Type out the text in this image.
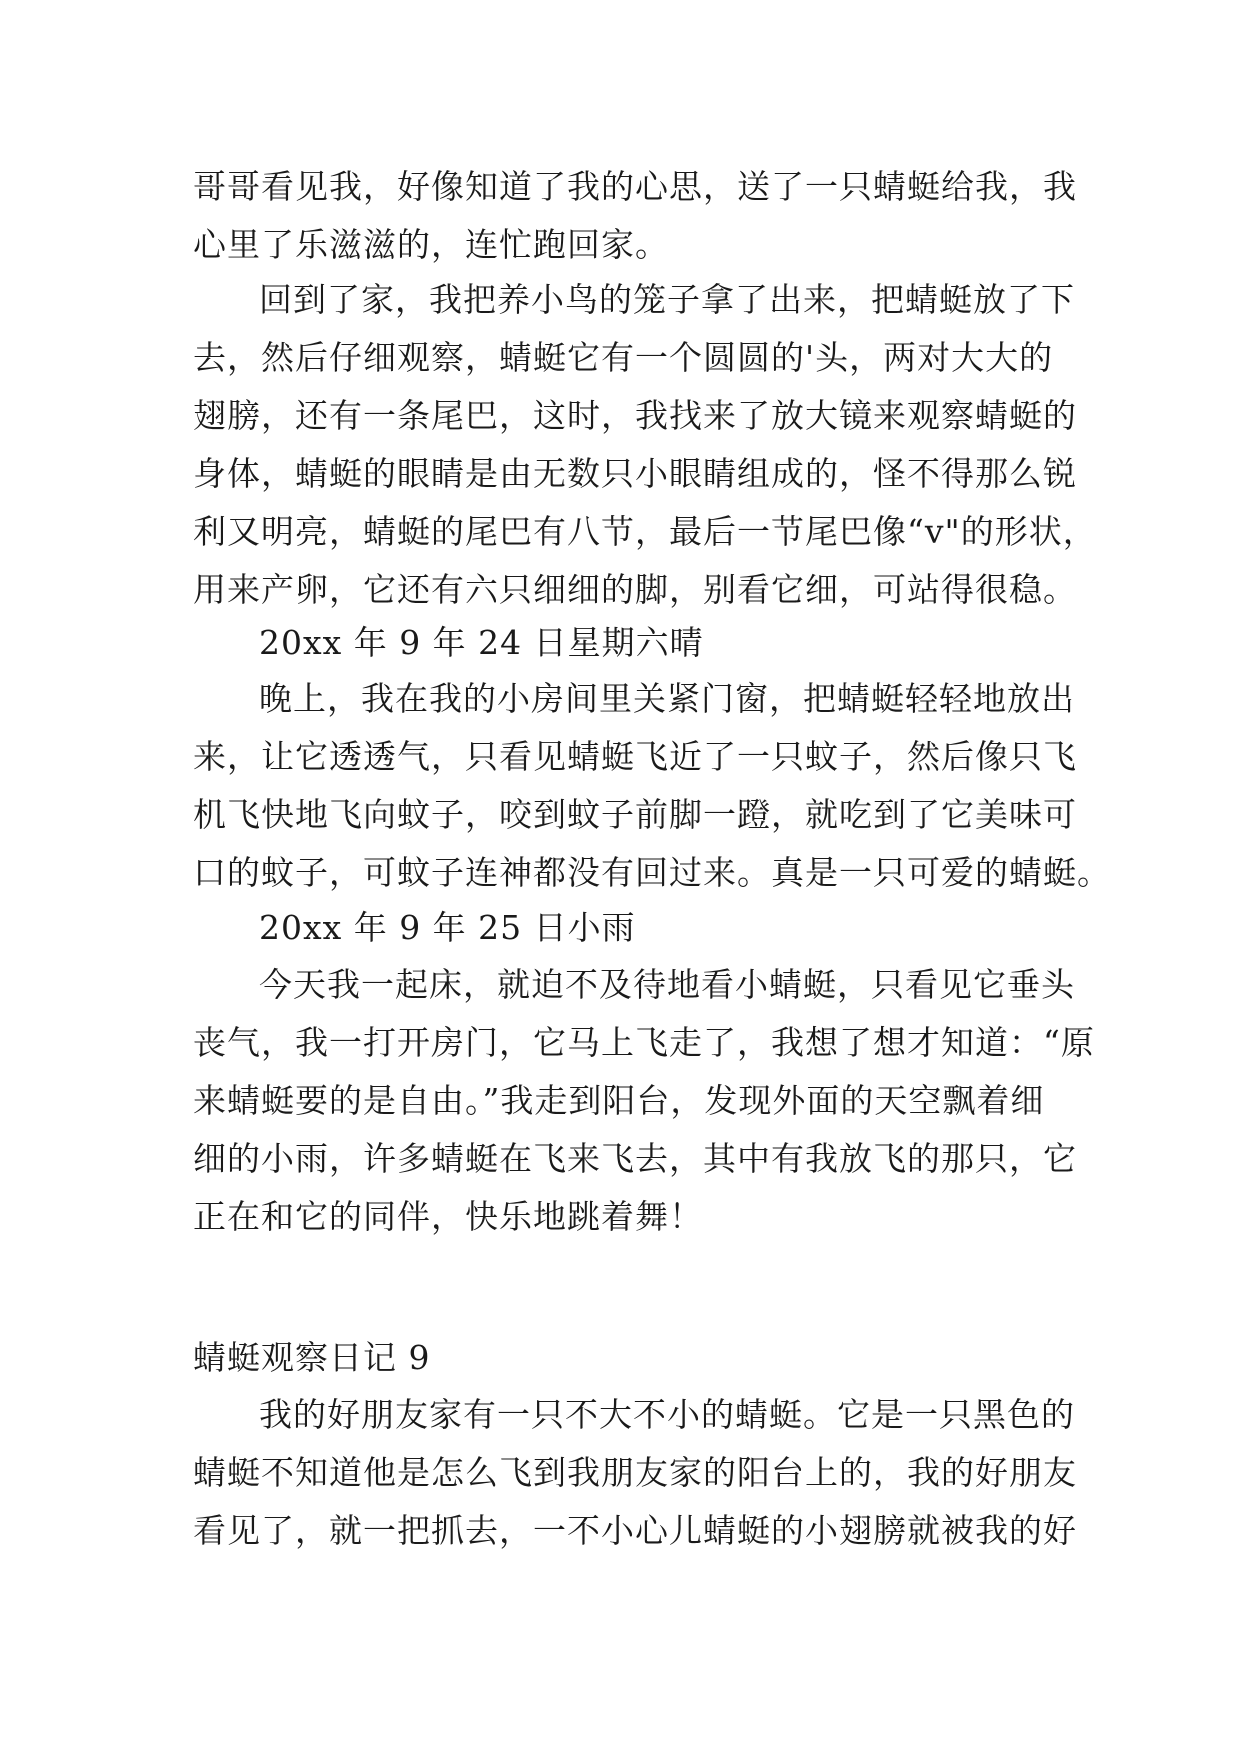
哥哥看见我，好像知道了我的心思，送了一只蜻蜓给我，我
心里了乐滋滋的，连忙跑回家。
回到了家，我把养小鸟的笼子拿了出来，把蜻蜓放了下
去，然后仔细观察，蜻蜓它有一个圆圆的'头，两对大大的
翅膀，还有一条尾巴，这时，我找来了放大镜来观察蜻蜓的
身体，蜻蜓的眼睛是由无数只小眼睛组成的，怪不得那么锐
利又明亮，蜻蜓的尾巴有八节，最后一节尾巴像“v"的形状，
用来产卵，它还有六只细细的脚，别看它细，可站得很稳。
20xx 年 9 年 24 日星期六晴
晚上，我在我的小房间里关紧门窗，把蜻蜓轻轻地放出
来，让它透透气，只看见蜻蜓飞近了一只蚊子，然后像只飞
机飞快地飞向蚊子，咬到蚊子前脚一蹬，就吃到了它美味可
口的蚊子，可蚊子连神都没有回过来。真是一只可爱的蜻蜓。
20xx 年 9 年 25 日小雨
今天我一起床，就迫不及待地看小蜻蜓，只看见它垂头
丧气，我一打开房门，它马上飞走了，我想了想才知道：“原
来蜻蜓要的是自由。”我走到阳台，发现外面的天空飘着细
细的小雨，许多蜻蜓在飞来飞去，其中有我放飞的那只，它
正在和它的同伴，快乐地跳着舞！
蜻蜓观察日记 9
我的好朋友家有一只不大不小的蜻蜓。它是一只黑色的
蜻蜓不知道他是怎么飞到我朋友家的阳台上的，我的好朋友
看见了，就一把抓去，一不小心儿蜻蜓的小翅膀就被我的好
